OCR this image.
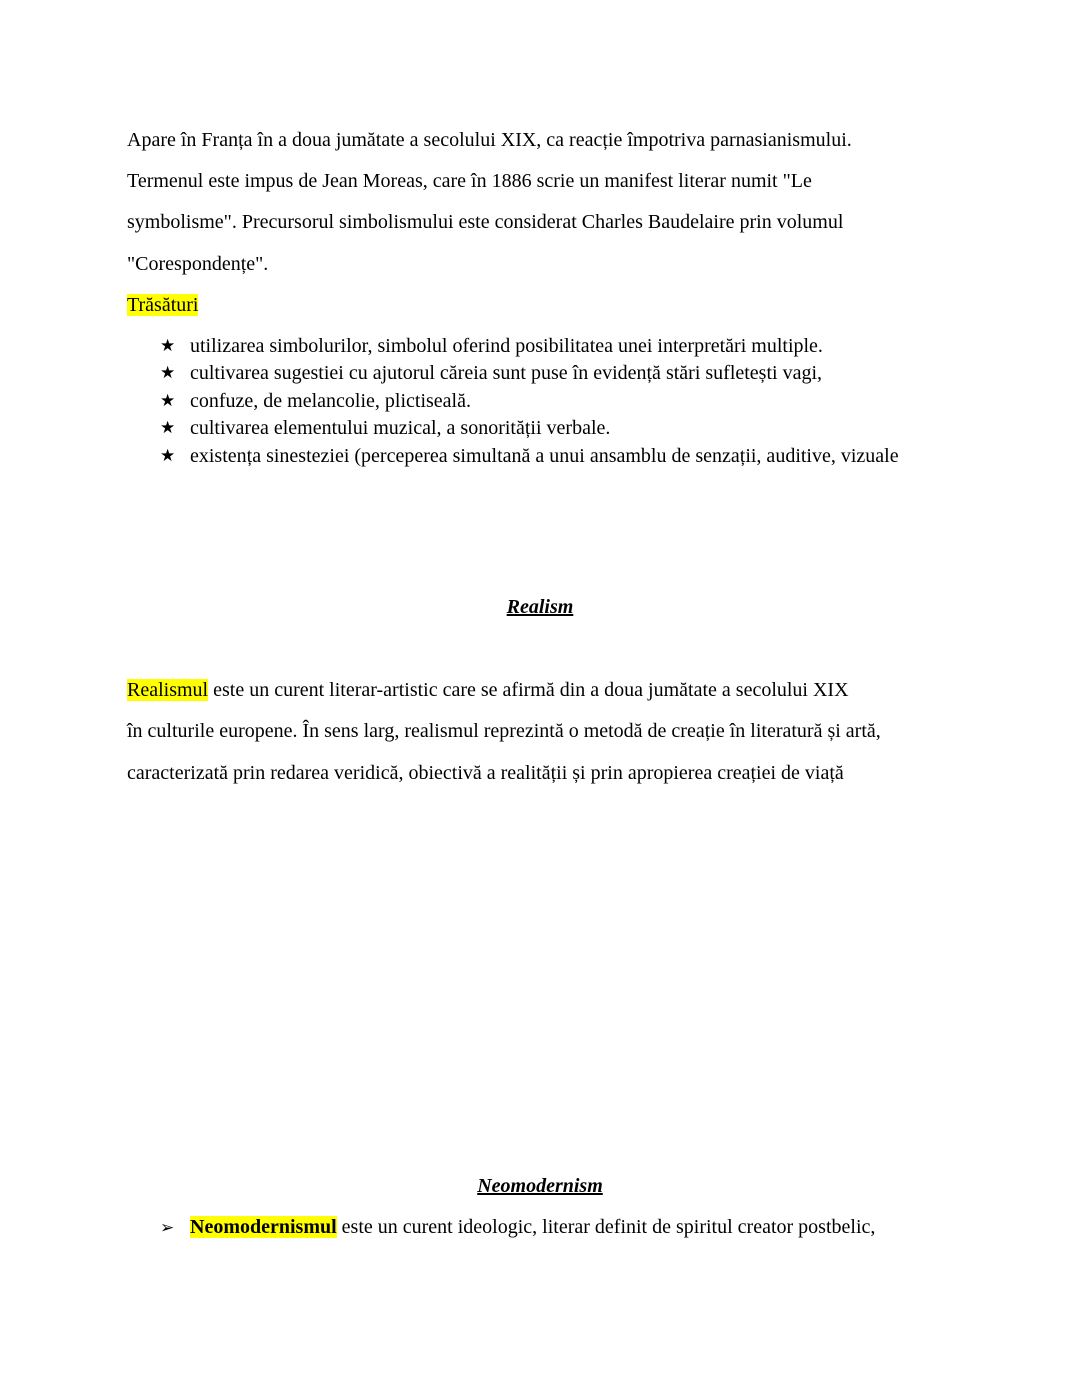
Apare în Franța în a doua jumătate a secolului XIX, ca reacție împotriva parnasianismului.
Termenul este impus de Jean Moreas, care în 1886 scrie un manifest literar numit "Le
symbolisme". Precursorul simbolismului este considerat Charles Baudelaire prin volumul
"Corespondențe".
Trăsături
★ utilizarea simbolurilor, simbolul oferind posibilitatea unei interpretări multiple.
★ cultivarea sugestiei cu ajutorul căreia sunt puse în evidență stări sufletești vagi,
★ confuze, de melancolie, plictiseală.
★ cultivarea elementului muzical, a sonorității verbale.
★ existența sinesteziei (perceperea simultană a unui ansamblu de senzații, auditive, vizuale
Realism
Realismul este un curent literar-artistic care se afirmă din a doua jumătate a secolului XIX
în culturile europene. În sens larg, realismul reprezintă o metodă de creație în literatură și artă,
caracterizată prin redarea veridică, obiectivă a realității și prin apropierea creației de viață
Neomodernism
➢ Neomodernismul este un curent ideologic, literar definit de spiritul creator postbelic,
